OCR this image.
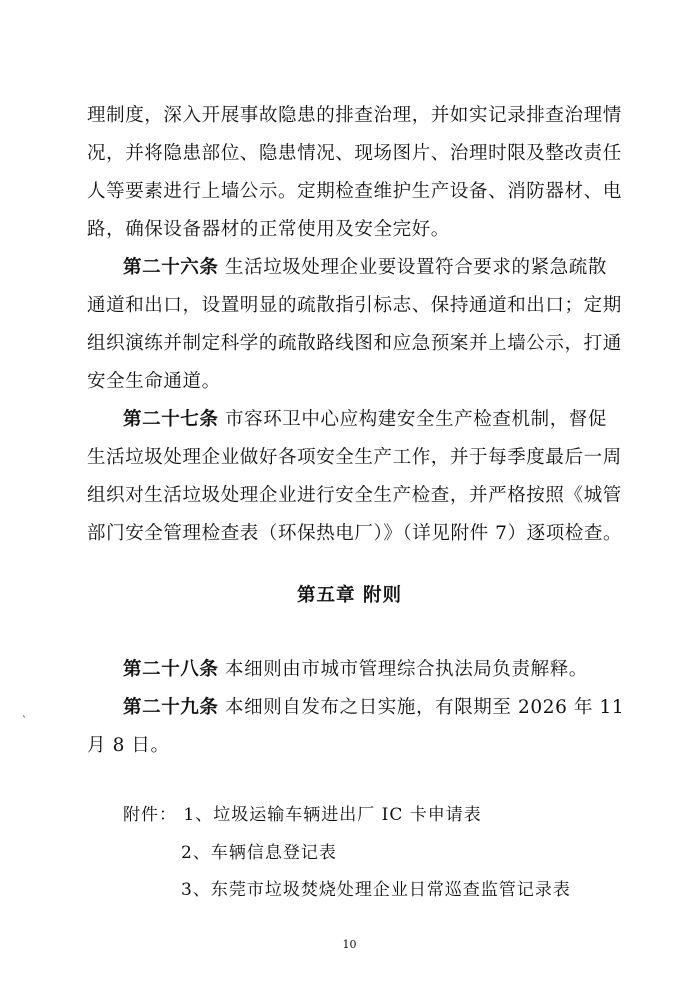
理制度，深入开展事故隐患的排查治理，并如实记录排查治理情
况，并将隐患部位、隐患情况、现场图片、治理时限及整改责任
人等要素进行上墙公示。定期检查维护生产设备、消防器材、电
路，确保设备器材的正常使用及安全完好。
第二十六条 生活垃圾处理企业要设置符合要求的紧急疏散
通道和出口，设置明显的疏散指引标志、保持通道和出口；定期
组织演练并制定科学的疏散路线图和应急预案并上墙公示，打通
安全生命通道。
第二十七条 市容环卫中心应构建安全生产检查机制，督促
生活垃圾处理企业做好各项安全生产工作，并于每季度最后一周
组织对生活垃圾处理企业进行安全生产检查，并严格按照《城管
部门安全管理检查表（环保热电厂）》（详见附件 7）逐项检查。
第五章 附则
第二十八条 本细则由市城市管理综合执法局负责解释。
第二十九条 本细则自发布之日实施，有限期至 2026 年 11
月 8 日。
`
附件： 1、垃圾运输车辆进出厂 IC 卡申请表
2、车辆信息登记表
3、东莞市垃圾焚烧处理企业日常巡查监管记录表
10
